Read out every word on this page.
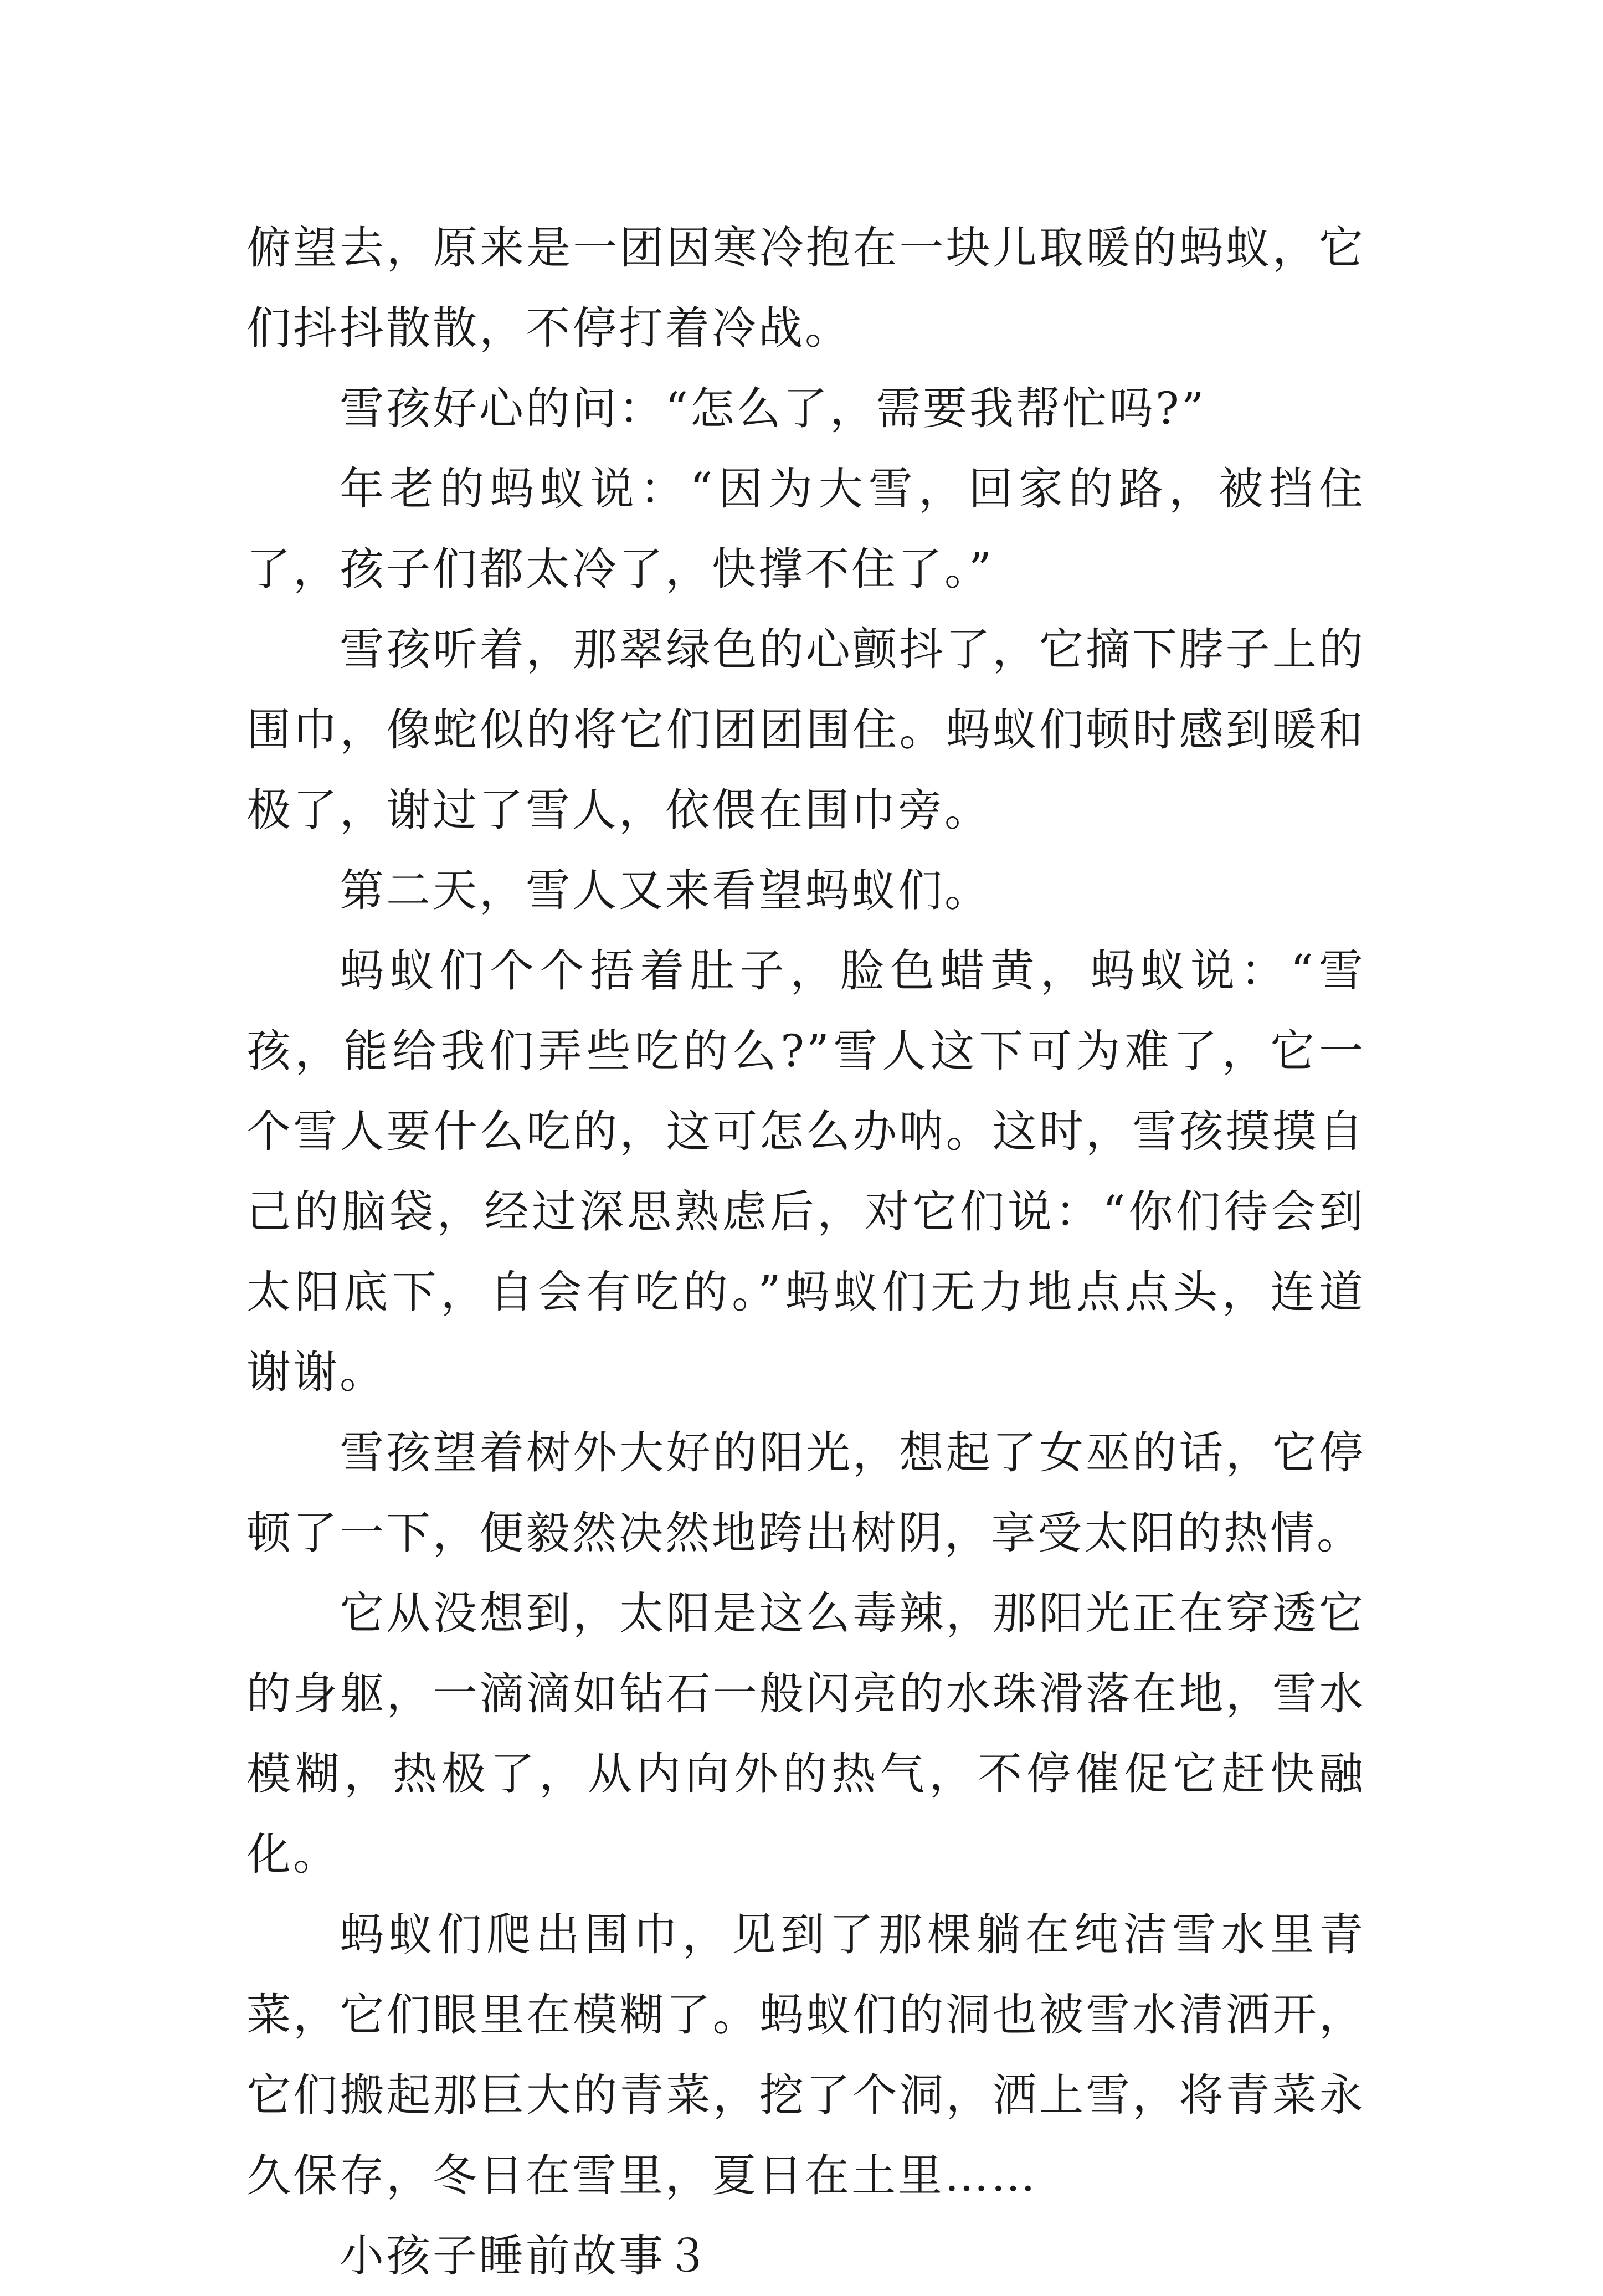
俯望去，原来是一团因寒冷抱在一块儿取暖的蚂蚁，它们抖抖散散，不停打着冷战。

雪孩好心的问：“怎么了，需要我帮忙吗?”

年老的蚂蚁说：“因为大雪，回家的路，被挡住了，孩子们都太冷了，快撑不住了。”

雪孩听着，那翠绿色的心颤抖了，它摘下脖子上的围巾，像蛇似的将它们团团围住。蚂蚁们顿时感到暖和极了，谢过了雪人，依偎在围巾旁。

第二天，雪人又来看望蚂蚁们。

蚂蚁们个个捂着肚子，脸色蜡黄，蚂蚁说：“雪孩，能给我们弄些吃的么?”雪人这下可为难了，它一个雪人要什么吃的，这可怎么办呐。这时，雪孩摸摸自己的脑袋，经过深思熟虑后，对它们说：“你们待会到太阳底下，自会有吃的。”蚂蚁们无力地点点头，连道谢谢。

雪孩望着树外大好的阳光，想起了女巫的话，它停顿了一下，便毅然决然地跨出树阴，享受太阳的热情。

它从没想到，太阳是这么毒辣，那阳光正在穿透它的身躯，一滴滴如钻石一般闪亮的水珠滑落在地，雪水模糊，热极了，从内向外的热气，不停催促它赶快融化。

蚂蚁们爬出围巾，见到了那棵躺在纯洁雪水里青菜，它们眼里在模糊了。蚂蚁们的洞也被雪水清洒开，它们搬起那巨大的青菜，挖了个洞，洒上雪，将青菜永久保存，冬日在雪里，夏日在土里……

小孩子睡前故事３
